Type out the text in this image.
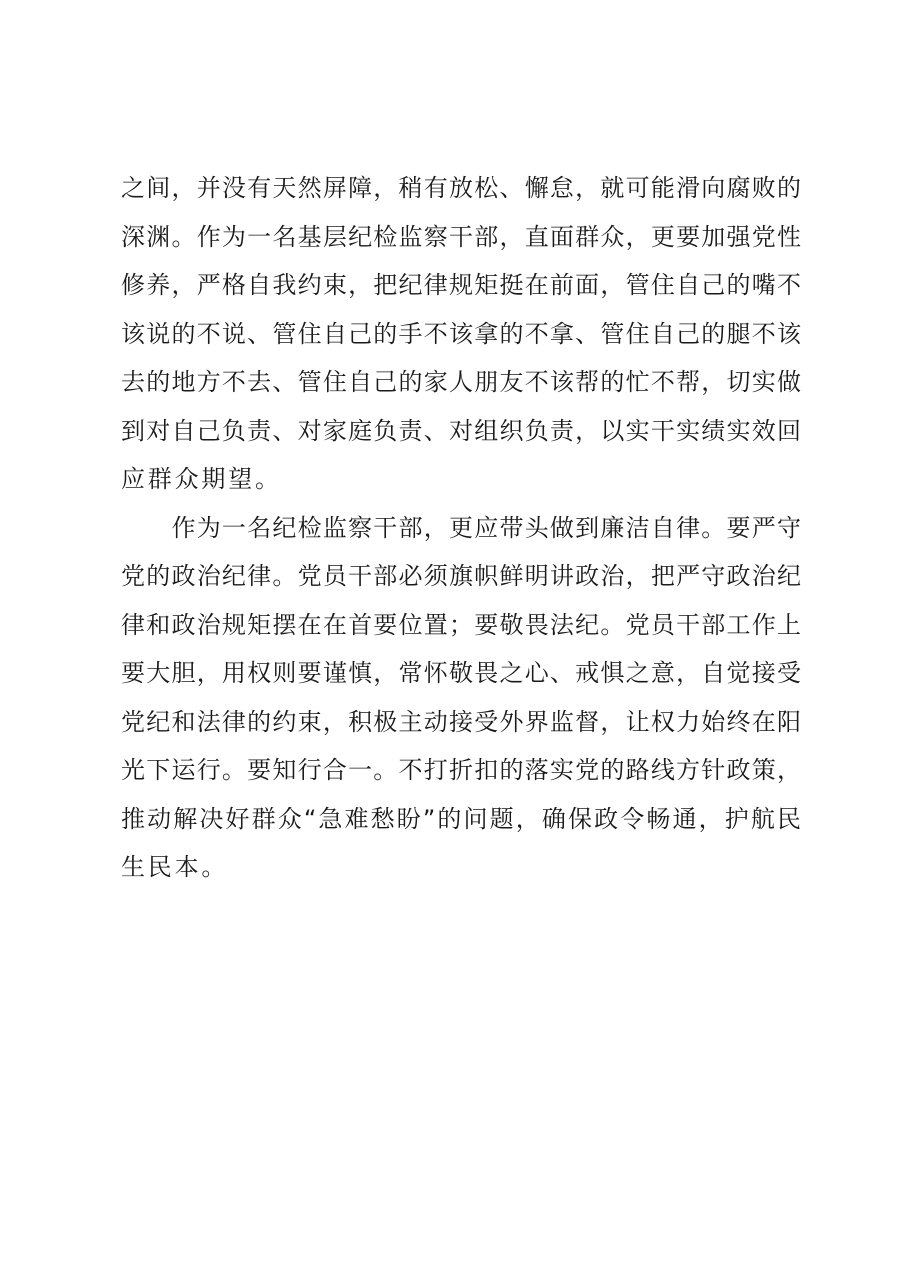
之间，并没有天然屏障，稍有放松、懈怠，就可能滑向腐败的
深渊。作为一名基层纪检监察干部，直面群众，更要加强党性
修养，严格自我约束，把纪律规矩挺在前面，管住自己的嘴不
该说的不说、管住自己的手不该拿的不拿、管住自己的腿不该
去的地方不去、管住自己的家人朋友不该帮的忙不帮，切实做
到对自己负责、对家庭负责、对组织负责，以实干实绩实效回
应群众期望。
　　作为一名纪检监察干部，更应带头做到廉洁自律。要严守
党的政治纪律。党员干部必须旗帜鲜明讲政治，把严守政治纪
律和政治规矩摆在在首要位置；要敬畏法纪。党员干部工作上
要大胆，用权则要谨慎，常怀敬畏之心、戒惧之意，自觉接受
党纪和法律的约束，积极主动接受外界监督，让权力始终在阳
光下运行。要知行合一。不打折扣的落实党的路线方针政策，
推动解决好群众“急难愁盼”的问题，确保政令畅通，护航民
生民本。
